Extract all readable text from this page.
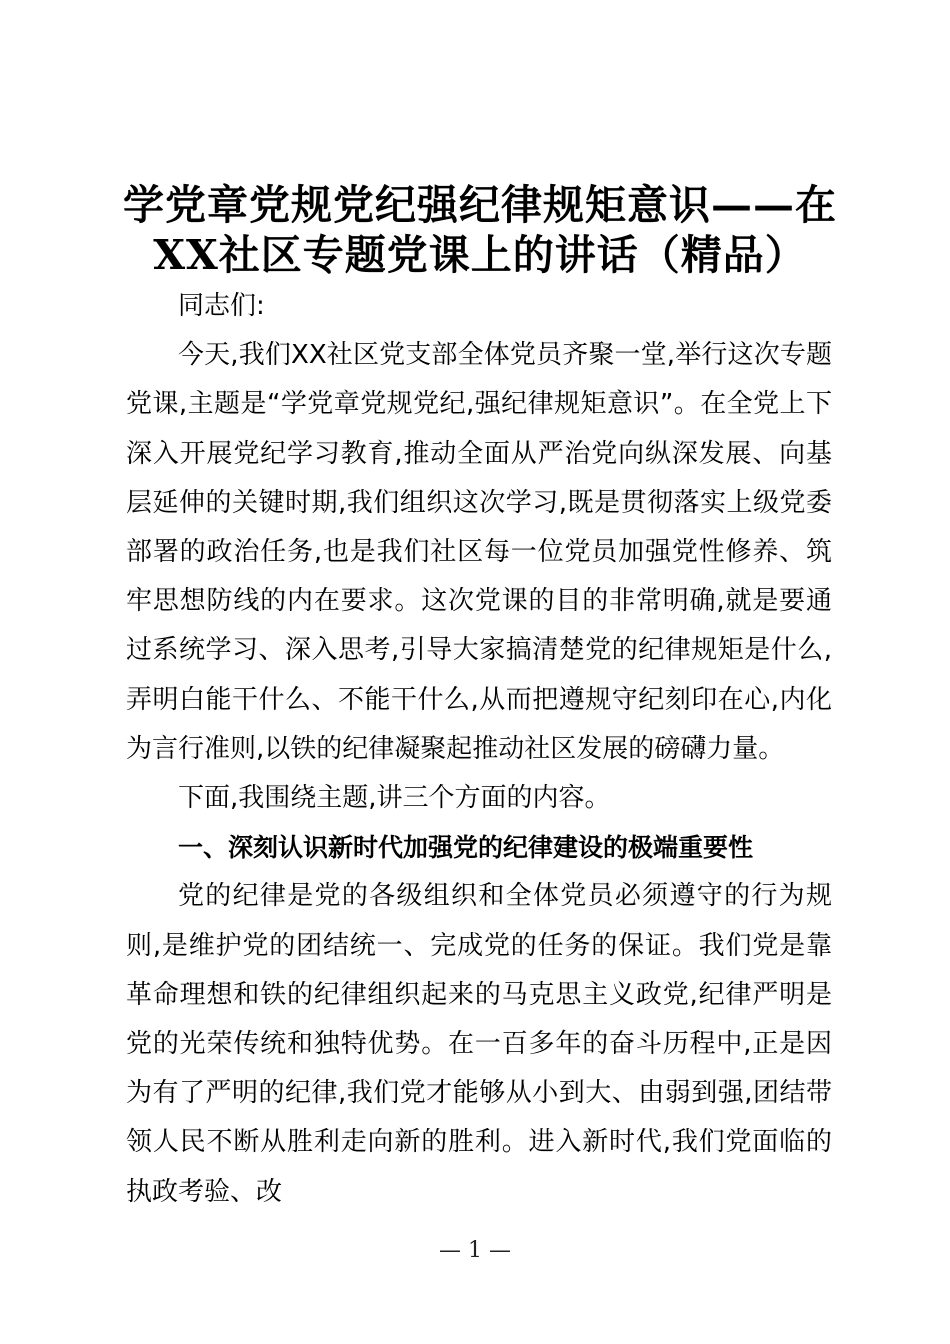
学党章党规党纪强纪律规矩意识——在
XX社区专题党课上的讲话（精品）

同志们:

今天,我们XX社区党支部全体党员齐聚一堂,举行这次专题党课,主题是“学党章党规党纪,强纪律规矩意识”。在全党上下深入开展党纪学习教育,推动全面从严治党向纵深发展、向基层延伸的关键时期,我们组织这次学习,既是贯彻落实上级党委部署的政治任务,也是我们社区每一位党员加强党性修养、筑牢思想防线的内在要求。这次党课的目的非常明确,就是要通过系统学习、深入思考,引导大家搞清楚党的纪律规矩是什么,弄明白能干什么、不能干什么,从而把遵规守纪刻印在心,内化为言行准则,以铁的纪律凝聚起推动社区发展的磅礴力量。

下面,我围绕主题,讲三个方面的内容。

一、深刻认识新时代加强党的纪律建设的极端重要性

党的纪律是党的各级组织和全体党员必须遵守的行为规则,是维护党的团结统一、完成党的任务的保证。我们党是靠革命理想和铁的纪律组织起来的马克思主义政党,纪律严明是党的光荣传统和独特优势。在一百多年的奋斗历程中,正是因为有了严明的纪律,我们党才能够从小到大、由弱到强,团结带领人民不断从胜利走向新的胜利。进入新时代,我们党面临的执政考验、改

— 1 —
